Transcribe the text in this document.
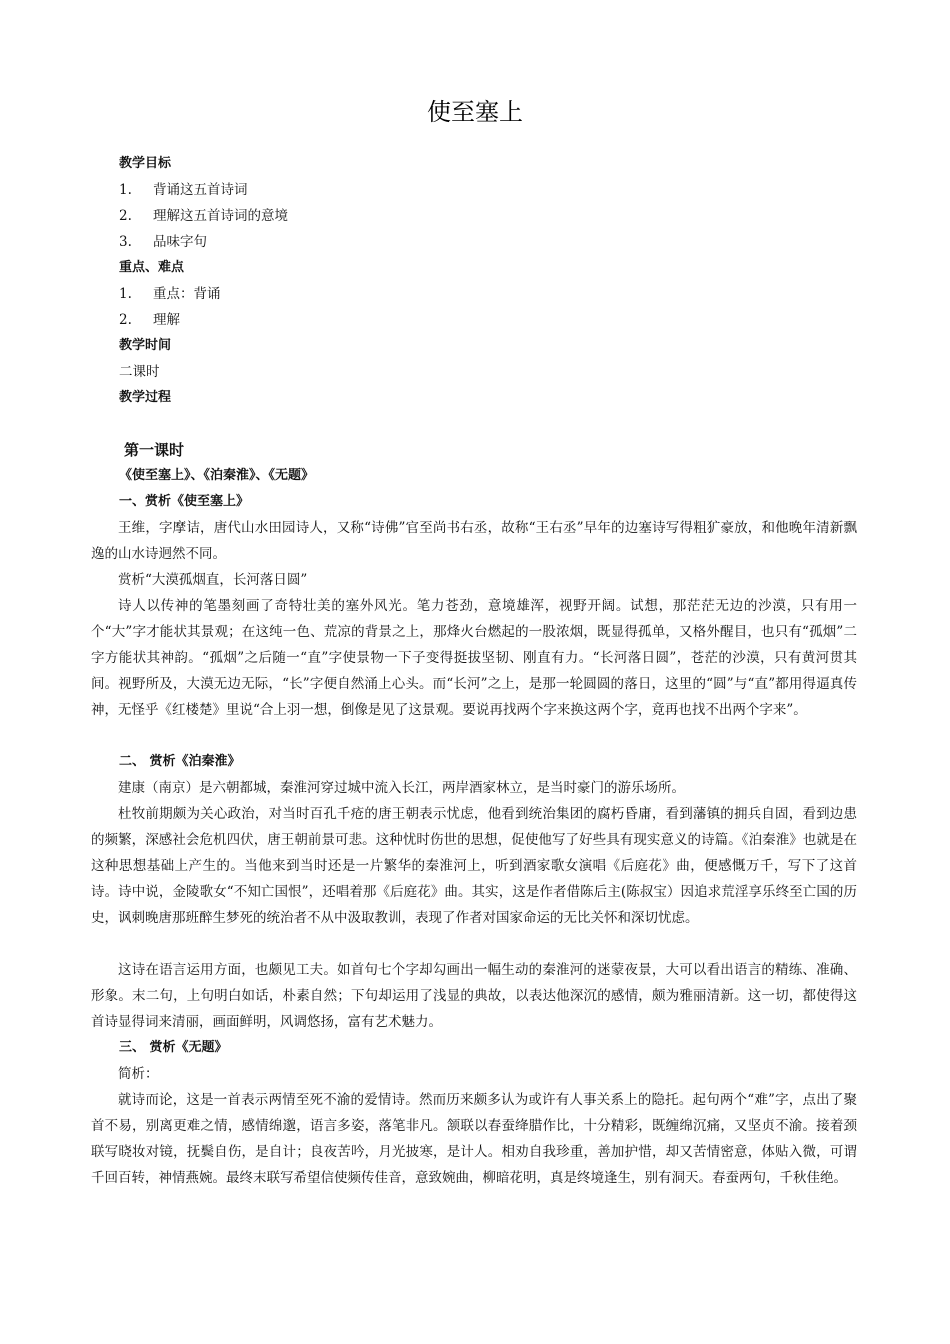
使至塞上
教学目标
1. 背诵这五首诗词
2. 理解这五首诗词的意境
3. 品味字句
重点、难点
1. 重点：背诵
2. 理解
教学时间
二课时
教学过程
第一课时
《使至塞上》、《泊秦淮》、《无题》
一、赏析《使至塞上》

王维，字摩诘，唐代山水田园诗人，又称“诗佛”官至尚书右丞，故称“王右丞”早年的边塞诗写得粗犷豪放，和他晚年清新飘逸的山水诗迥然不同。

赏析“大漠孤烟直，长河落日圆”

诗人以传神的笔墨刻画了奇特壮美的塞外风光。笔力苍劲，意境雄浑，视野开阔。试想，那茫茫无边的沙漠，只有用一个“大”字才能状其景观；在这纯一色、荒凉的背景之上，那烽火台燃起的一股浓烟，既显得孤单，又格外醒目，也只有“孤烟”二字方能状其神韵。“孤烟”之后随一“直”字使景物一下子变得挺拔坚韧、刚直有力。“长河落日圆”，苍茫的沙漠，只有黄河贯其间。视野所及，大漠无边无际，“长”字便自然涌上心头。而“长河”之上，是那一轮圆圆的落日，这里的“圆”与“直”都用得逼真传神，无怪乎《红楼楚》里说“合上羽一想，倒像是见了这景观。要说再找两个字来换这两个字，竟再也找不出两个字来”。

二、 赏析《泊秦淮》

建康（南京）是六朝都城，秦淮河穿过城中流入长江，两岸酒家林立，是当时豪门的游乐场所。

杜牧前期颇为关心政治，对当时百孔千疮的唐王朝表示忧虑，他看到统治集团的腐朽昏庸，看到藩镇的拥兵自固，看到边患的频繁，深感社会危机四伏，唐王朝前景可悲。这种忧时伤世的思想，促使他写了好些具有现实意义的诗篇。《泊秦淮》也就是在这种思想基础上产生的。当他来到当时还是一片繁华的秦淮河上，听到酒家歌女演唱《后庭花》曲，便感慨万千，写下了这首诗。诗中说，金陵歌女“不知亡国恨”，还唱着那《后庭花》曲。其实，这是作者借陈后主(陈叔宝）因追求荒淫享乐终至亡国的历史，讽刺晚唐那班醉生梦死的统治者不从中汲取教训，表现了作者对国家命运的无比关怀和深切忧虑。

这诗在语言运用方面，也颇见工夫。如首句七个字却勾画出一幅生动的秦淮河的迷蒙夜景，大可以看出语言的精练、准确、形象。末二句，上句明白如话，朴素自然；下句却运用了浅显的典故，以表达他深沉的感情，颇为雅丽清新。这一切，都使得这首诗显得词来清丽，画面鲜明，风调悠扬，富有艺术魅力。

三、 赏析《无题》

简析：

就诗而论，这是一首表示两情至死不渝的爱情诗。然而历来颇多认为或许有人事关系上的隐托。起句两个“难”字，点出了聚首不易，别离更难之情，感情绵邈，语言多姿，落笔非凡。颔联以春蚕绛腊作比，十分精彩，既缠绵沉痛，又坚贞不渝。接着颈联写晓妆对镜，抚鬓自伤，是自计；良夜苦吟，月光披寒，是计人。相劝自我珍重，善加护惜，却又苦情密意，体贴入微，可谓千回百转，神情燕婉。最终末联写希望信使频传佳音，意致婉曲，柳暗花明，真是终境逢生，别有洞天。春蚕两句，千秋佳绝。
